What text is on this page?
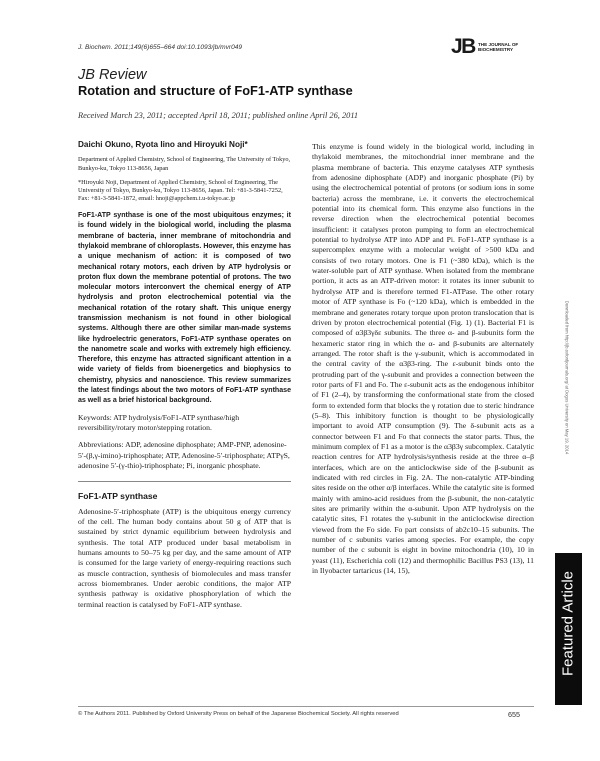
J. Biochem. 2011;149(6)655–664 doi:10.1093/jb/mvr049	JB THE JOURNAL OF
BIOCHEMISTRY
JB Review
Rotation and structure of FoF1-ATP synthase
Received March 23, 2011; accepted April 18, 2011; published online April 26, 2011

Daichi Okuno, Ryota Iino and Hiroyuki Noji*

Department of Applied Chemistry, School of Engineering, The University of Tokyo, Bunkyo-ku, Tokyo 113-8656, Japan

*Hiroyuki Noji, Department of Applied Chemistry, School of Engineering, The University of Tokyo, Bunkyo-ku, Tokyo 113-8656, Japan. Tel: +81-3-5841-7252, Fax: +81-3-5841-1872, email: hnoji@appchem.t.u-tokyo.ac.jp

FoF1-ATP synthase is one of the most ubiquitous enzymes; it is found widely in the biological world, including the plasma membrane of bacteria, inner membrane of mitochondria and thylakoid membrane of chloroplasts. However, this enzyme has a unique mechanism of action: it is composed of two mechanical rotary motors, each driven by ATP hydrolysis or proton flux down the membrane potential of protons. The two molecular motors interconvert the chemical energy of ATP hydrolysis and proton electrochemical potential via the mechanical rotation of the rotary shaft. This unique energy transmission mechanism is not found in other biological systems. Although there are other similar man-made systems like hydroelectric generators, FoF1-ATP synthase operates on the nanometre scale and works with extremely high efficiency. Therefore, this enzyme has attracted significant attention in a wide variety of fields from bioenergetics and biophysics to chemistry, physics and nanoscience. This review summarizes the latest findings about the two motors of FoF1-ATP synthase as well as a brief historical background.

Keywords: ATP hydrolysis/FoF1-ATP synthase/high reversibility/rotary motor/stepping rotation.

Abbreviations: ADP, adenosine diphosphate; AMP-PNP, adenosine-5′-(β,γ-imino)-triphosphate; ATP, Adenosine-5′-triphosphate; ATPγS, adenosine 5′-(γ-thio)-triphosphate; Pi, inorganic phosphate.

FoF1-ATP synthase

Adenosine-5′-triphosphate (ATP) is the ubiquitous energy currency of the cell. The human body contains about 50 g of ATP that is sustained by strict dynamic equilibrium between hydrolysis and synthesis. The total ATP produced under basal metabolism in humans amounts to 50–75 kg per day, and the same amount of ATP is consumed for the large variety of energy-requiring reactions such as muscle contraction, synthesis of biomolecules and mass transfer across biomembranes. Under aerobic conditions, the major ATP synthesis pathway is oxidative phosphorylation of which the terminal reaction is catalysed by FoF1-ATP synthase.

This enzyme is found widely in the biological world, including in thylakoid membranes, the mitochondrial inner membrane and the plasma membrane of bacteria. This enzyme catalyses ATP synthesis from adenosine diphosphate (ADP) and inorganic phosphate (Pi) by using the electrochemical potential of protons (or sodium ions in some bacteria) across the membrane, i.e. it converts the electrochemical potential into its chemical form. This enzyme also functions in the reverse direction when the electrochemical potential becomes insufficient: it catalyses proton pumping to form an electrochemical potential to hydrolyse ATP into ADP and Pi. FoF1-ATP synthase is a supercomplex enzyme with a molecular weight of >500 kDa and consists of two rotary motors. One is F1 (~380 kDa), which is the water-soluble part of ATP synthase. When isolated from the membrane portion, it acts as an ATP-driven motor: it rotates its inner subunit to hydrolyse ATP and is therefore termed F1-ATPase. The other rotary motor of ATP synthase is Fo (~120 kDa), which is embedded in the membrane and generates rotary torque upon proton translocation that is driven by proton electrochemical potential (Fig. 1) (1). Bacterial F1 is composed of α3β3γδε subunits. The three α- and β-subunits form the hexameric stator ring in which the α- and β-subunits are alternately arranged. The rotor shaft is the γ-subunit, which is accommodated in the central cavity of the α3β3-ring. The ε-subunit binds onto the protruding part of the γ-subunit and provides a connection between the rotor parts of F1 and Fo. The ε-subunit acts as the endogenous inhibitor of F1 (2–4), by transforming the conformational state from the closed form to extended form that blocks the γ rotation due to steric hindrance (5–8). This inhibitory function is thought to be physiologically important to avoid ATP consumption (9). The δ-subunit acts as a connector between F1 and Fo that connects the stator parts. Thus, the minimum complex of F1 as a motor is the α3β3γ subcomplex. Catalytic reaction centres for ATP hydrolysis/synthesis reside at the three α–β interfaces, which are on the anticlockwise side of the β-subunit as indicated with red circles in Fig. 2A. The non-catalytic ATP-binding sites reside on the other α/β interfaces. While the catalytic site is formed mainly with amino-acid residues from the β-subunit, the non-catalytic sites are primarily within the α-subunit. Upon ATP hydrolysis on the catalytic sites, F1 rotates the γ-subunit in the anticlockwise direction viewed from the Fo side. Fo part consists of ab2c10–15 subunits. The number of c subunits varies among species. For example, the copy number of the c subunit is eight in bovine mitochondria (10), 10 in yeast (11), Escherichia coli (12) and thermophilic Bacillus PS3 (13), 11 in Ilyobacter tartaricus (14, 15),

Downloaded from http://jb.oxfordjournals.org/ at Dogus University on May 19, 2014
Featured Article
© The Authors 2011. Published by Oxford University Press on behalf of the Japanese Biochemical Society. All rights reserved	655
